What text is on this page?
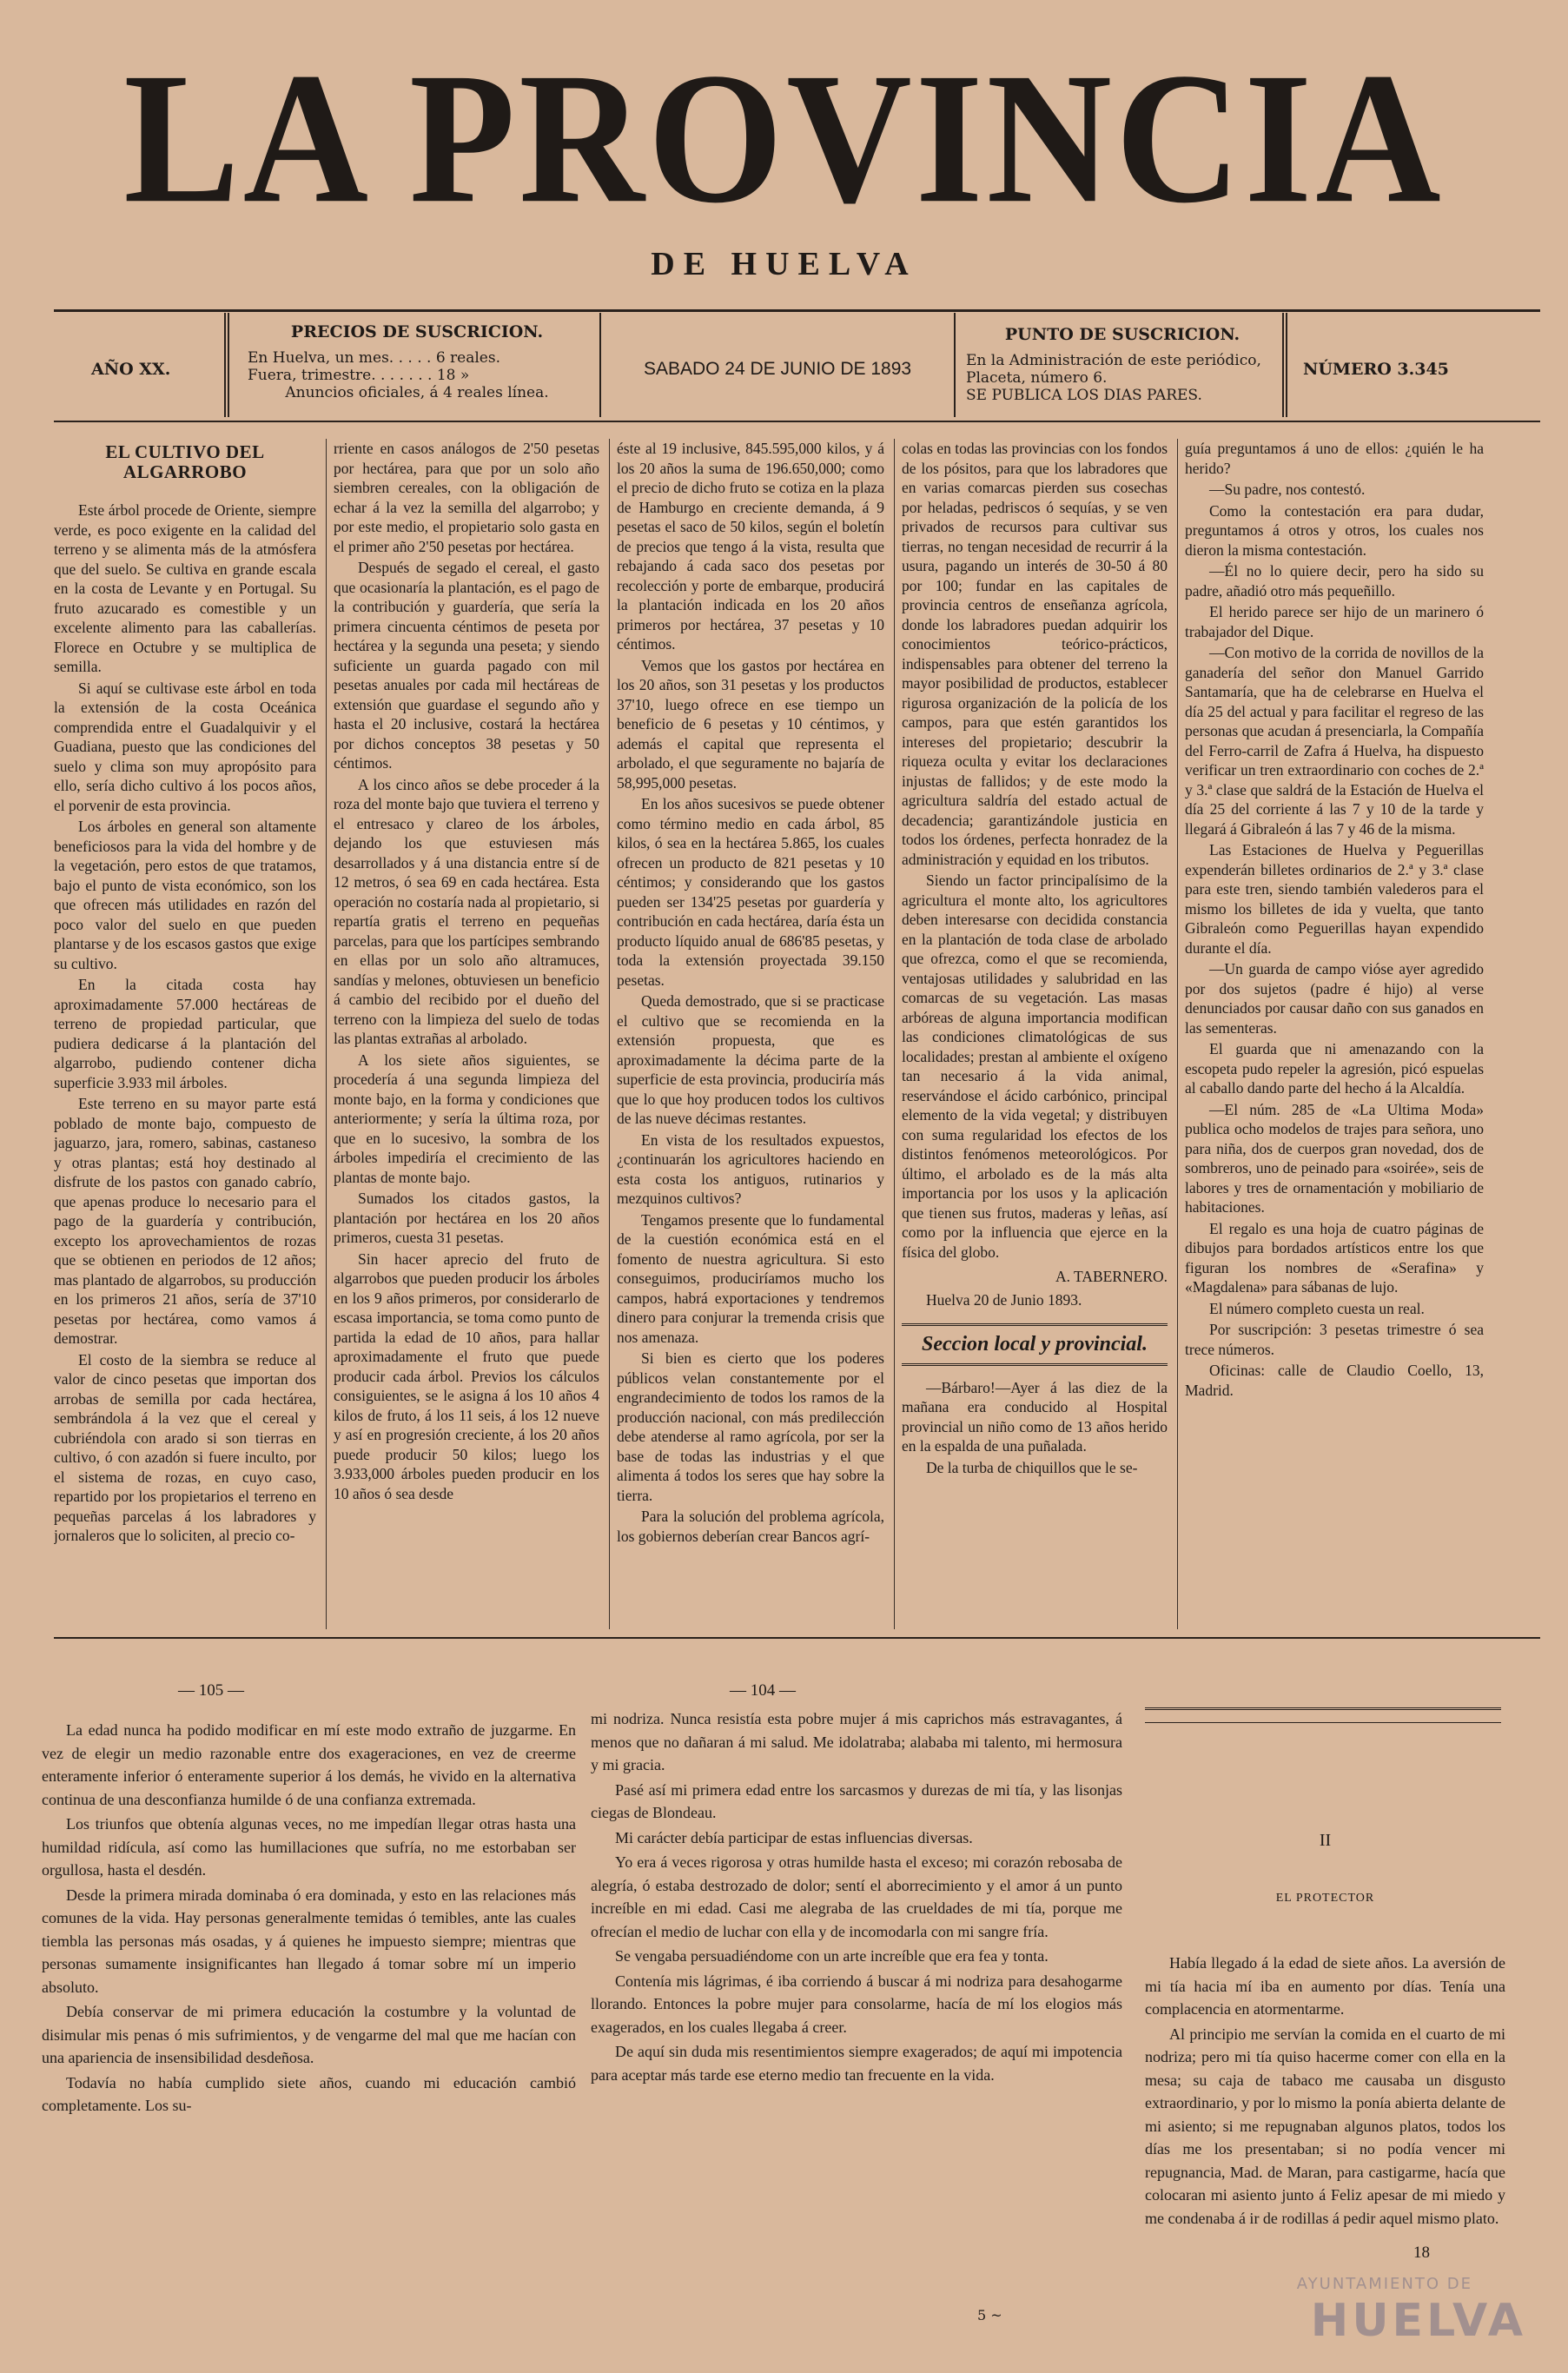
LA PROVINCIA
DE HUELVA
AÑO XX.
PRECIOS DE SUSCRICION.
En Huelva, un mes. . . . . 6 reales.
Fuera, trimestre. . . . . . . 18 »
Anuncios oficiales, á 4 reales línea.
SABADO 24 DE JUNIO DE 1893
PUNTO DE SUSCRICION.
En la Administración de este periódico,
Placeta, número 6.
SE PUBLICA LOS DIAS PARES.
NÚMERO 3.345
EL CULTIVO DEL ALGARROBO

Este árbol procede de Oriente, siempre verde, es poco exigente en la calidad del terreno y se alimenta más de la atmósfera que del suelo. Se cultiva en grande escala en la costa de Levante y en Portugal. Su fruto azucarado es comestible y un excelente alimento para las caballerías. Florece en Octubre y se multiplica de semilla.

Si aquí se cultivase este árbol en toda la extensión de la costa Oceánica comprendida entre el Guadalquivir y el Guadiana, puesto que las condiciones del suelo y clima son muy apropósito para ello, sería dicho cultivo á los pocos años, el porvenir de esta provincia.

Los árboles en general son altamente beneficiosos para la vida del hombre y de la vegetación, pero estos de que tratamos, bajo el punto de vista económico, son los que ofrecen más utilidades en razón del poco valor del suelo en que pueden plantarse y de los escasos gastos que exige su cultivo.

En la citada costa hay aproximadamente 57.000 hectáreas de terreno de propiedad particular, que pudiera dedicarse á la plantación del algarrobo, pudiendo contener dicha superficie 3.933 mil árboles.

Este terreno en su mayor parte está poblado de monte bajo, compuesto de jaguarzo, jara, romero, sabinas, castaneso y otras plantas; está hoy destinado al disfrute de los pastos con ganado cabrío, que apenas produce lo necesario para el pago de la guardería y contribución, excepto los aprovechamientos de rozas que se obtienen en periodos de 12 años; mas plantado de algarrobos, su producción en los primeros 21 años, sería de 37'10 pesetas por hectárea, como vamos á demostrar.

El costo de la siembra se reduce al valor de cinco pesetas que importan dos arrobas de semilla por cada hectárea, sembrándola á la vez que el cereal y cubriéndola con arado si son tierras en cultivo, ó con azadón si fuere inculto, por el sistema de rozas, en cuyo caso, repartido por los propietarios el terreno en pequeñas parcelas á los labradores y jornaleros que lo soliciten, al precio co-

rriente en casos análogos de 2'50 pesetas por hectárea, para que por un solo año siembren cereales, con la obligación de echar á la vez la semilla del algarrobo; y por este medio, el propietario solo gasta en el primer año 2'50 pesetas por hectárea.

Después de segado el cereal, el gasto que ocasionaría la plantación, es el pago de la contribución y guardería, que sería la primera cincuenta céntimos de peseta por hectárea y la segunda una peseta; y siendo suficiente un guarda pagado con mil pesetas anuales por cada mil hectáreas de extensión que guardase el segundo año y hasta el 20 inclusive, costará la hectárea por dichos conceptos 38 pesetas y 50 céntimos.

A los cinco años se debe proceder á la roza del monte bajo que tuviera el terreno y el entresaco y clareo de los árboles, dejando los que estuviesen más desarrollados y á una distancia entre sí de 12 metros, ó sea 69 en cada hectárea. Esta operación no costaría nada al propietario, si repartía gratis el terreno en pequeñas parcelas, para que los partícipes sembrando en ellas por un solo año altramuces, sandías y melones, obtuviesen un beneficio á cambio del recibido por el dueño del terreno con la limpieza del suelo de todas las plantas extrañas al arbolado.

A los siete años siguientes, se procedería á una segunda limpieza del monte bajo, en la forma y condiciones que anteriormente; y sería la última roza, por que en lo sucesivo, la sombra de los árboles impediría el crecimiento de las plantas de monte bajo.

Sumados los citados gastos, la plantación por hectárea en los 20 años primeros, cuesta 31 pesetas.

Sin hacer aprecio del fruto de algarrobos que pueden producir los árboles en los 9 años primeros, por considerarlo de escasa importancia, se toma como punto de partida la edad de 10 años, para hallar aproximadamente el fruto que puede producir cada árbol. Previos los cálculos consiguientes, se le asigna á los 10 años 4 kilos de fruto, á los 11 seis, á los 12 nueve y así en progresión creciente, á los 20 años puede producir 50 kilos; luego los 3.933,000 árboles pueden producir en los 10 años ó sea desde

éste al 19 inclusive, 845.595,000 kilos, y á los 20 años la suma de 196.650,000; como el precio de dicho fruto se cotiza en la plaza de Hamburgo en creciente demanda, á 9 pesetas el saco de 50 kilos, según el boletín de precios que tengo á la vista, resulta que rebajando á cada saco dos pesetas por recolección y porte de embarque, producirá la plantación indicada en los 20 años primeros por hectárea, 37 pesetas y 10 céntimos.

Vemos que los gastos por hectárea en los 20 años, son 31 pesetas y los productos 37'10, luego ofrece en ese tiempo un beneficio de 6 pesetas y 10 céntimos, y además el capital que representa el arbolado, el que seguramente no bajaría de 58,995,000 pesetas.

En los años sucesivos se puede obtener como término medio en cada árbol, 85 kilos, ó sea en la hectárea 5.865, los cuales ofrecen un producto de 821 pesetas y 10 céntimos; y considerando que los gastos pueden ser 134'25 pesetas por guardería y contribución en cada hectárea, daría ésta un producto líquido anual de 686'85 pesetas, y toda la extensión proyectada 39.150 pesetas.

Queda demostrado, que si se practicase el cultivo que se recomienda en la extensión propuesta, que es aproximadamente la décima parte de la superficie de esta provincia, produciría más que lo que hoy producen todos los cultivos de las nueve décimas restantes.

En vista de los resultados expuestos, ¿continuarán los agricultores haciendo en esta costa los antiguos, rutinarios y mezquinos cultivos?

Tengamos presente que lo fundamental de la cuestión económica está en el fomento de nuestra agricultura. Si esto conseguimos, produciríamos mucho los campos, habrá exportaciones y tendremos dinero para conjurar la tremenda crisis que nos amenaza.

Si bien es cierto que los poderes públicos velan constantemente por el engrandecimiento de todos los ramos de la producción nacional, con más predilección debe atenderse al ramo agrícola, por ser la base de todas las industrias y el que alimenta á todos los seres que hay sobre la tierra.

Para la solución del problema agrícola, los gobiernos deberían crear Bancos agrí-

colas en todas las provincias con los fondos de los pósitos, para que los labradores que en varias comarcas pierden sus cosechas por heladas, pedriscos ó sequías, y se ven privados de recursos para cultivar sus tierras, no tengan necesidad de recurrir á la usura, pagando un interés de 30-50 á 80 por 100; fundar en las capitales de provincia centros de enseñanza agrícola, donde los labradores puedan adquirir los conocimientos teórico-prácticos, indispensables para obtener del terreno la mayor posibilidad de productos, establecer rigurosa organización de la policía de los campos, para que estén garantidos los intereses del propietario; descubrir la riqueza oculta y evitar los declaraciones injustas de fallidos; y de este modo la agricultura saldría del estado actual de decadencia; garantizándole justicia en todos los órdenes, perfecta honradez de la administración y equidad en los tributos.

Siendo un factor principalísimo de la agricultura el monte alto, los agricultores deben interesarse con decidida constancia en la plantación de toda clase de arbolado que ofrezca, como el que se recomienda, ventajosas utilidades y salubridad en las comarcas de su vegetación. Las masas arbóreas de alguna importancia modifican las condiciones climatológicas de sus localidades; prestan al ambiente el oxígeno tan necesario á la vida animal, reservándose el ácido carbónico, principal elemento de la vida vegetal; y distribuyen con suma regularidad los efectos de los distintos fenómenos meteorológicos. Por último, el arbolado es de la más alta importancia por los usos y la aplicación que tienen sus frutos, maderas y leñas, así como por la influencia que ejerce en la física del globo.

A. TABERNERO.
Huelva 20 de Junio 1893.
Seccion local y provincial.

—Bárbaro!—Ayer á las diez de la mañana era conducido al Hospital provincial un niño como de 13 años herido en la espalda de una puñalada.

De la turba de chiquillos que le se-

guía preguntamos á uno de ellos: ¿quién le ha herido?

—Su padre, nos contestó.

Como la contestación era para dudar, preguntamos á otros y otros, los cuales nos dieron la misma contestación.

—Él no lo quiere decir, pero ha sido su padre, añadió otro más pequeñillo.

El herido parece ser hijo de un marinero ó trabajador del Dique.

—Con motivo de la corrida de novillos de la ganadería del señor don Manuel Garrido Santamaría, que ha de celebrarse en Huelva el día 25 del actual y para facilitar el regreso de las personas que acudan á presenciarla, la Compañía del Ferro-carril de Zafra á Huelva, ha dispuesto verificar un tren extraordinario con coches de 2.ª y 3.ª clase que saldrá de la Estación de Huelva el día 25 del corriente á las 7 y 10 de la tarde y llegará á Gibraleón á las 7 y 46 de la misma.

Las Estaciones de Huelva y Peguerillas expenderán billetes ordinarios de 2.ª y 3.ª clase para este tren, siendo también valederos para el mismo los billetes de ida y vuelta, que tanto Gibraleón como Peguerillas hayan expendido durante el día.

—Un guarda de campo vióse ayer agredido por dos sujetos (padre é hijo) al verse denunciados por causar daño con sus ganados en las sementeras.

El guarda que ni amenazando con la escopeta pudo repeler la agresión, picó espuelas al caballo dando parte del hecho á la Alcaldía.

—El núm. 285 de «La Ultima Moda» publica ocho modelos de trajes para señora, uno para niña, dos de cuerpos gran novedad, dos de sombreros, uno de peinado para «soirée», seis de labores y tres de ornamentación y mobiliario de habitaciones.

El regalo es una hoja de cuatro páginas de dibujos para bordados artísticos entre los que figuran los nombres de «Serafina» y «Magdalena» para sábanas de lujo.

El número completo cuesta un real.

Por suscripción: 3 pesetas trimestre ó sea trece números.

Oficinas: calle de Claudio Coello, 13, Madrid.

— 105 —	— 104 —

La edad nunca ha podido modificar en mí este modo extraño de juzgarme. En vez de elegir un medio razonable entre dos exageraciones, en vez de creerme enteramente inferior ó enteramente superior á los demás, he vivido en la alternativa continua de una desconfianza humilde ó de una confianza extremada.

Los triunfos que obtenía algunas veces, no me impedían llegar otras hasta una humildad ridícula, así como las humillaciones que sufría, no me estorbaban ser orgullosa, hasta el desdén.

Desde la primera mirada dominaba ó era dominada, y esto en las relaciones más comunes de la vida. Hay personas generalmente temidas ó temibles, ante las cuales tiembla las personas más osadas, y á quienes he impuesto siempre; mientras que personas sumamente insignificantes han llegado á tomar sobre mí un imperio absoluto.

Debía conservar de mi primera educación la costumbre y la voluntad de disimular mis penas ó mis sufrimientos, y de vengarme del mal que me hacían con una apariencia de insensibilidad desdeñosa.

Todavía no había cumplido siete años, cuando mi educación cambió completamente. Los su-

mi nodriza. Nunca resistía esta pobre mujer á mis caprichos más estravagantes, á menos que no dañaran á mi salud. Me idolatraba; alababa mi talento, mi hermosura y mi gracia.

Pasé así mi primera edad entre los sarcasmos y durezas de mi tía, y las lisonjas ciegas de Blondeau.

Mi carácter debía participar de estas influencias diversas.

Yo era á veces rigorosa y otras humilde hasta el exceso; mi corazón rebosaba de alegría, ó estaba destrozado de dolor; sentí el aborrecimiento y el amor á un punto increíble en mi edad. Casi me alegraba de las crueldades de mi tía, porque me ofrecían el medio de luchar con ella y de incomodarla con mi sangre fría.

Se vengaba persuadiéndome con un arte increíble que era fea y tonta.

Contenía mis lágrimas, é iba corriendo á buscar á mi nodriza para desahogarme llorando. Entonces la pobre mujer para consolarme, hacía de mí los elogios más exagerados, en los cuales llegaba á creer.

De aquí sin duda mis resentimientos siempre exagerados; de aquí mi impotencia para aceptar más tarde ese eterno medio tan frecuente en la vida.

II

EL PROTECTOR

Había llegado á la edad de siete años. La aversión de mi tía hacia mí iba en aumento por días. Tenía una complacencia en atormentarme.

Al principio me servían la comida en el cuarto de mi nodriza; pero mi tía quiso hacerme comer con ella en la mesa; su caja de tabaco me causaba un disgusto extraordinario, y por lo mismo la ponía abierta delante de mi asiento; si me repugnaban algunos platos, todos los días me los presentaban; si no podía vencer mi repugnancia, Mad. de Maran, para castigarme, hacía que colocaran mi asiento junto á Feliz apesar de mi miedo y me condenaba á ir de rodillas á pedir aquel mismo plato.

18
5 ~
AYUNTAMIENTO DE
HUELVA
